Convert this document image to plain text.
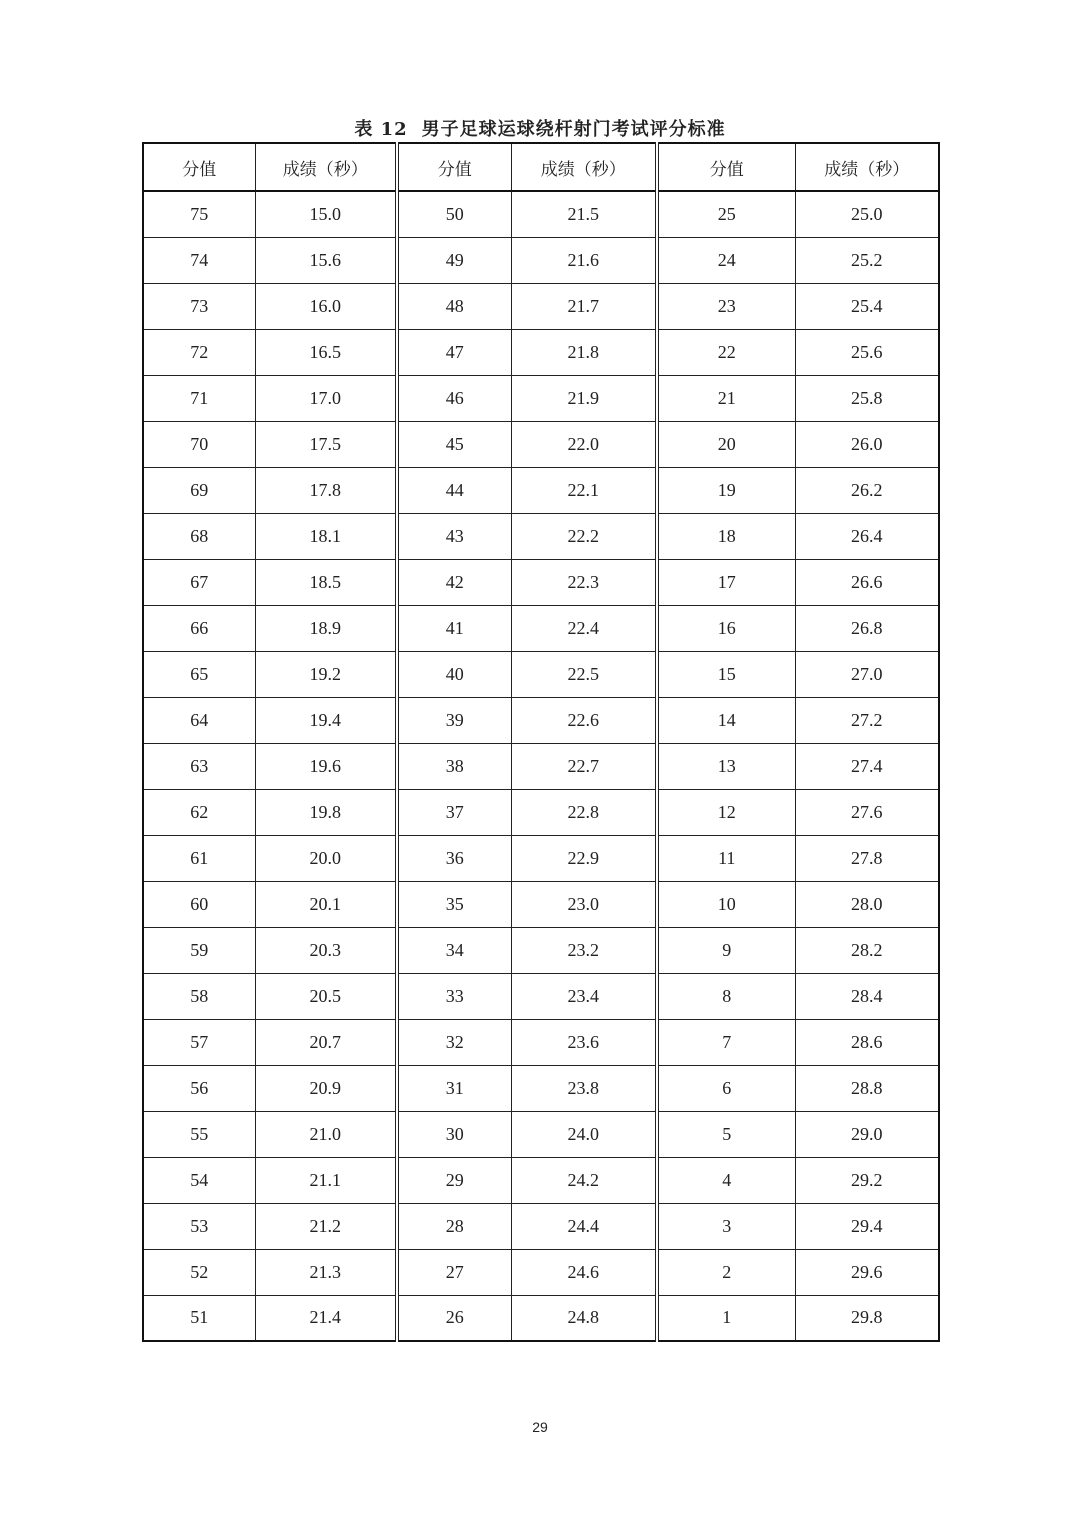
表 12 男子足球运球绕杆射门考试评分标准
分值	成绩（秒）	分值	成绩（秒）	分值	成绩（秒）
75	15.0	50	21.5	25	25.0
74	15.6	49	21.6	24	25.2
73	16.0	48	21.7	23	25.4
72	16.5	47	21.8	22	25.6
71	17.0	46	21.9	21	25.8
70	17.5	45	22.0	20	26.0
69	17.8	44	22.1	19	26.2
68	18.1	43	22.2	18	26.4
67	18.5	42	22.3	17	26.6
66	18.9	41	22.4	16	26.8
65	19.2	40	22.5	15	27.0
64	19.4	39	22.6	14	27.2
63	19.6	38	22.7	13	27.4
62	19.8	37	22.8	12	27.6
61	20.0	36	22.9	11	27.8
60	20.1	35	23.0	10	28.0
59	20.3	34	23.2	9	28.2
58	20.5	33	23.4	8	28.4
57	20.7	32	23.6	7	28.6
56	20.9	31	23.8	6	28.8
55	21.0	30	24.0	5	29.0
54	21.1	29	24.2	4	29.2
53	21.2	28	24.4	3	29.4
52	21.3	27	24.6	2	29.6
51	21.4	26	24.8	1	29.8
29
